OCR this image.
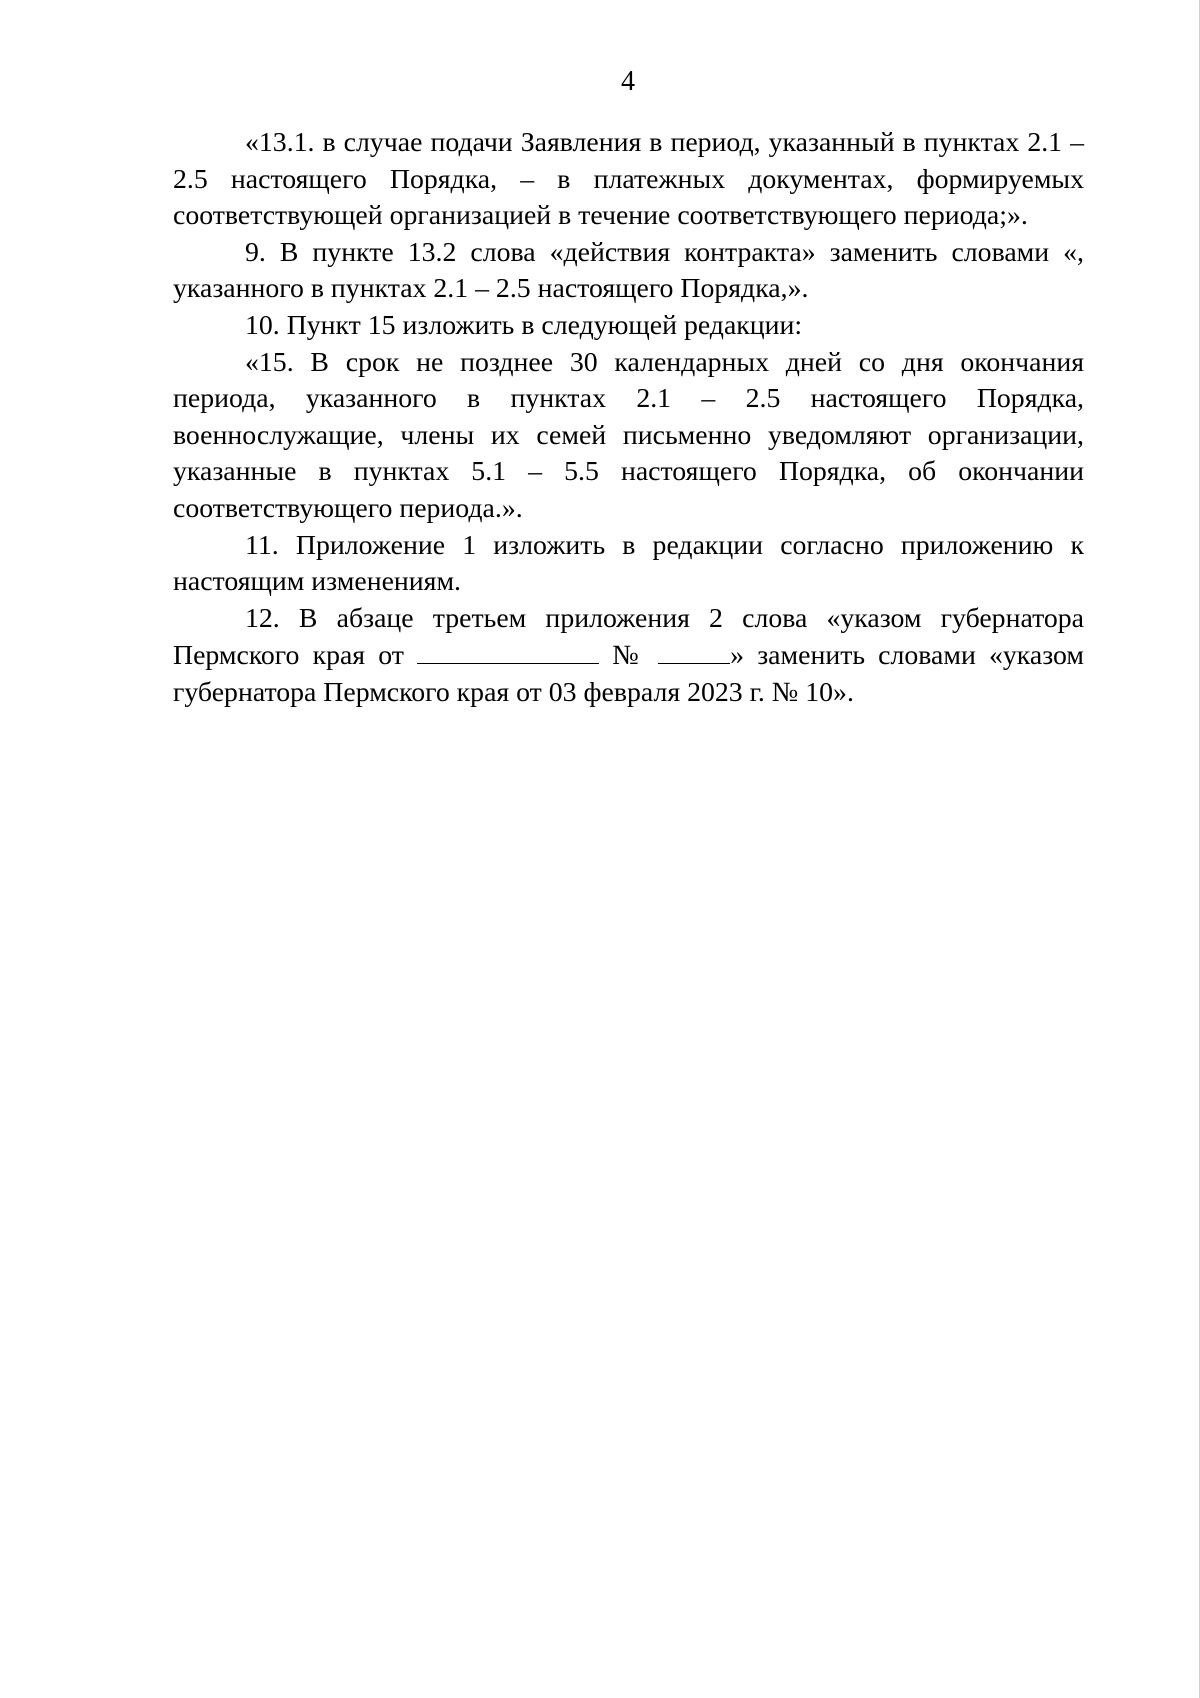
4

«13.1. в случае подачи Заявления в период, указанный в пунктах 2.1 – 2.5 настоящего Порядка, – в платежных документах, формируемых соответствующей организацией в течение соответствующего периода;».

9. В пункте 13.2 слова «действия контракта» заменить словами «, указанного в пунктах 2.1 – 2.5 настоящего Порядка,».

10. Пункт 15 изложить в следующей редакции:

«15. В срок не позднее 30 календарных дней со дня окончания периода, указанного в пунктах 2.1 – 2.5 настоящего Порядка, военнослужащие, члены их семей письменно уведомляют организации, указанные в пунктах 5.1 – 5.5 настоящего Порядка, об окончании соответствующего периода.».

11. Приложение 1 изложить в редакции согласно приложению к настоящим изменениям.

12. В абзаце третьем приложения 2 слова «указом губернатора Пермского края от	№	» заменить словами «указом губернатора Пермского края от 03 февраля 2023 г. № 10».
